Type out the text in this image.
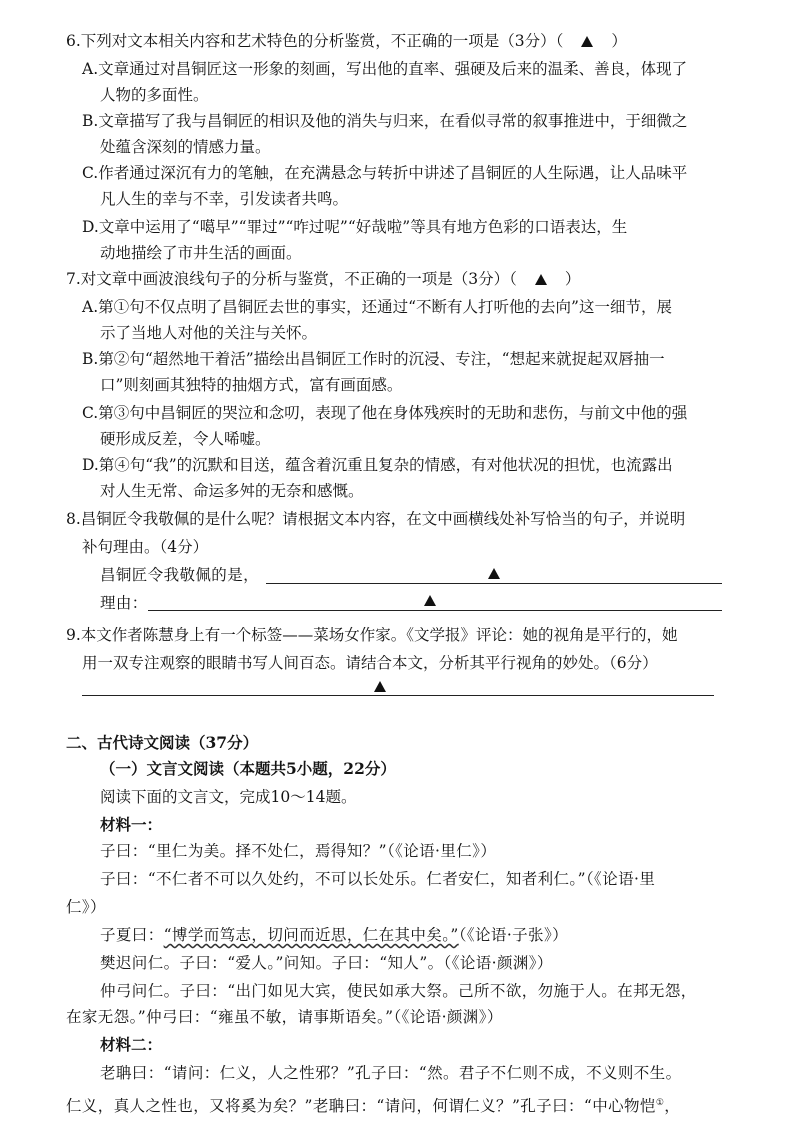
6.下列对文本相关内容和艺术特色的分析鉴赏，不正确的一项是（3分）（	）
A.文章通过对昌铜匠这一形象的刻画，写出他的直率、强硬及后来的温柔、善良，体现了
人物的多面性。
B.文章描写了我与昌铜匠的相识及他的消失与归来，在看似寻常的叙事推进中，于细微之
处蕴含深刻的情感力量。
C.作者通过深沉有力的笔触，在充满悬念与转折中讲述了昌铜匠的人生际遇，让人品味平
凡人生的幸与不幸，引发读者共鸣。
D.文章中运用了“噶早”“罪过”“咋过呢”“好哉啦”等具有地方色彩的口语表达，生
动地描绘了市井生活的画面。
7.对文章中画波浪线句子的分析与鉴赏，不正确的一项是（3分）（	）
A.第①句不仅点明了昌铜匠去世的事实，还通过“不断有人打听他的去向”这一细节，展
示了当地人对他的关注与关怀。
B.第②句“超然地干着活”描绘出昌铜匠工作时的沉浸、专注，“想起来就捉起双唇抽一
口”则刻画其独特的抽烟方式，富有画面感。
C.第③句中昌铜匠的哭泣和念叨，表现了他在身体残疾时的无助和悲伤，与前文中他的强
硬形成反差，令人唏嘘。
D.第④句“我”的沉默和目送，蕴含着沉重且复杂的情感，有对他状况的担忧，也流露出
对人生无常、命运多舛的无奈和感慨。
8.昌铜匠令我敬佩的是什么呢？请根据文本内容，在文中画横线处补写恰当的句子，并说明
补句理由。（4分）
昌铜匠令我敬佩的是，
理由：
9.本文作者陈慧身上有一个标签——菜场女作家。《文学报》评论：她的视角是平行的，她
用一双专注观察的眼睛书写人间百态。请结合本文，分析其平行视角的妙处。（6分）
二、古代诗文阅读（37分）
（一）文言文阅读（本题共5小题，22分）
阅读下面的文言文，完成10～14题。
材料一：
子曰：“里仁为美。择不处仁，焉得知？”（《论语·里仁》）
子曰：“不仁者不可以久处约，不可以长处乐。仁者安仁，知者利仁。”（《论语·里
仁》）
子夏曰：“博学而笃志，切问而近思，仁在其中矣。”（《论语·子张》）
樊迟问仁。子曰：“爱人。”问知。子曰：“知人”。（《论语·颜渊》）
仲弓问仁。子曰：“出门如见大宾，使民如承大祭。己所不欲，勿施于人。在邦无怨，
在家无怨。”仲弓曰：“雍虽不敏，请事斯语矣。”（《论语·颜渊》）
材料二：
老聃曰：“请问：仁义，人之性邪？”孔子曰：“然。君子不仁则不成，不义则不生。
仁义，真人之性也，又将奚为矣？”老聃曰：“请问，何谓仁义？”孔子曰：“中心物恺①，
